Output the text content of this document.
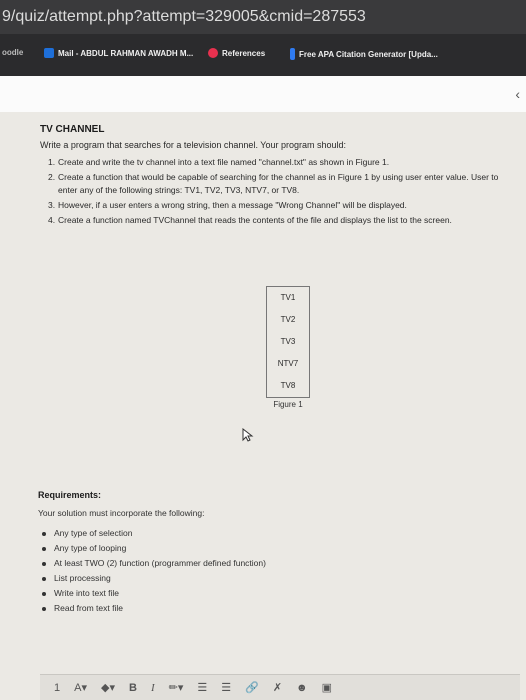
9/quiz/attempt.php?attempt=329005&cmid=287553
oodle	Mail - ABDUL RAHMAN AWADH M...	References	Free APA Citation Generator [Upda...
‹
TV CHANNEL
Write a program that searches for a television channel. Your program should:
1. Create and write the tv channel into a text file named "channel.txt" as shown in Figure 1.
2. Create a function that would be capable of searching for the channel as in Figure 1 by using user enter value. User to enter any of the following strings: TV1, TV2, TV3, NTV7, or TV8.
3. However, if a user enters a wrong string, then a message "Wrong Channel" will be displayed.
4. Create a function named TVChannel that reads the contents of the file and displays the list to the screen.
TV1
TV2
TV3
NTV7
TV8
Figure 1
Requirements:
Your solution must incorporate the following:
Any type of selection
Any type of looping
At least TWO (2) function (programmer defined function)
List processing
Write into text file
Read from text file
1 A ▾ ◆ ▾ B I ✏ ▾ ☰ ☰ 🔗 ✗ ☻ ▣
